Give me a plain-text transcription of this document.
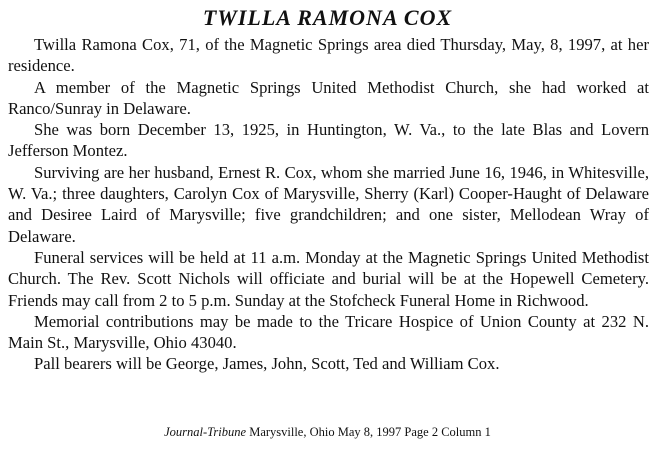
TWILLA RAMONA COX

Twilla Ramona Cox, 71, of the Magnetic Springs area died Thursday, May, 8, 1997, at her residence.

A member of the Magnetic Springs United Methodist Church, she had worked at Ranco/Sunray in Delaware.

She was born December 13, 1925, in Huntington, W. Va., to the late Blas and Lovern Jefferson Montez.

Surviving are her husband, Ernest R. Cox, whom she married June 16, 1946, in Whitesville, W. Va.; three daughters, Carolyn Cox of Marysville, Sherry (Karl) Cooper-Haught of Delaware and Desiree Laird of Marysville; five grandchildren; and one sister, Mellodean Wray of Delaware.

Funeral services will be held at 11 a.m. Monday at the Magnetic Springs United Methodist Church. The Rev. Scott Nichols will officiate and burial will be at the Hopewell Cemetery. Friends may call from 2 to 5 p.m. Sunday at the Stofcheck Funeral Home in Richwood.

Memorial contributions may be made to the Tricare Hospice of Union County at 232 N. Main St., Marysville, Ohio 43040.

Pall bearers will be George, James, John, Scott, Ted and William Cox.

Journal-Tribune Marysville, Ohio May 8, 1997 Page 2 Column 1
